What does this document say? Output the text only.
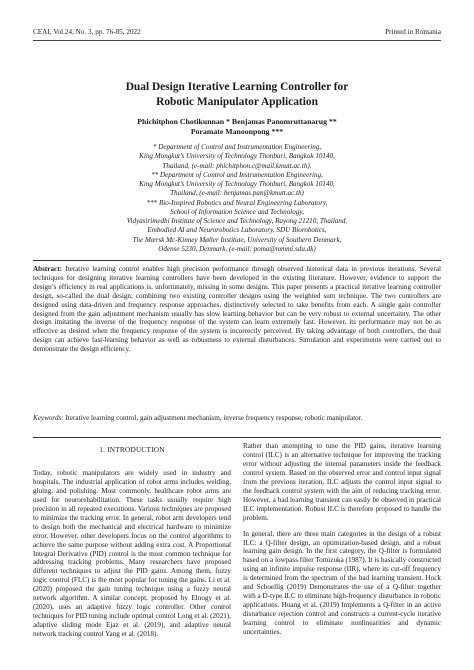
CEAI, Vol.24, No. 3, pp. 76-85, 2022	Printed in Romania
Dual Design Iterative Learning Controller for
Robotic Manipulator Application

Phichitphon Chotikunnan * Benjamas Panomruttanarug **
Poramate Manoonpong ***

* Department of Control and Instrumentation Engineering,
King Mongkut’s University of Technology Thonburi, Bangkok 10140,
Thailand, (e-mail: phichitphon.c@mail.kmutt.ac.th).
** Department of Control and Instrumentation Engineering,
King Mongkut’s University of Technology Thonburi, Bangkok 10140,
Thailand, (e-mail: benjamas.pan@kmutt.ac.th)
*** Bio-Inspired Robotics and Neural Engineering Laboratory,
School of Information Science and Technology,
Vidyasirimedhi Institute of Science and Technology, Rayong 21210, Thailand.
Embodied AI and Neurorobotics Laboratory, SDU Biorobotics,
The Mærsk Mc-Kinney Møller Institute, University of Southern Denmark,
Odense 5230, Denmark, (e-mail: poma@mmmi.sdu.dk)

Abstract: Iterative learning control enables high precision performance through observed historical data in previous iterations. Several techniques for designing iterative learning controllers have been developed in the existing literature. However, evidence to support the design’s efficiency in real applications is, unfortunately, missing in some designs. This paper presents a practical iterative learning controller design, so-called the dual design, combining two existing controller designs using the weighted sum technique. The two controllers are designed using data-driven and frequency response approaches, distinctively selected to take benefits from each. A single gain controller designed from the gain adjustment mechanism usually has slow learning behavior but can be very robust to external uncertainty. The other design imitating the inverse of the frequency response of the system can learn extremely fast. However, its performance may not be as effective as desired when the frequency response of the system is incorrectly perceived. By taking advantage of both controllers, the dual design can achieve fast-learning behavior as well as robustness to external disturbances. Simulation and experiments were carried out to demonstrate the design efficiency.

Keywords: Iterative learning control, gain adjustment mechanism, inverse frequency response, robotic manipulator.

1. INTRODUCTION

Today, robotic manipulators are widely used in industry and hospitals. The industrial application of robot arms includes welding, gluing, and polishing. Most commonly, healthcare robot arms are used for neurorehabilitation. These tasks usually require high precision in all repeated executions. Various techniques are proposed to minimize the tracking error. In general, robot arm developers tend to design both the mechanical and electrical hardware to minimize error. However, other developers focus on the control algorithms to achieve the same purpose without adding extra cost. A Proportional Integral Derivative (PID) control is the most common technique for addressing tracking problems. Many researchers have proposed different techniques to adjust the PID gains. Among them, fuzzy logic control (FLC) is the most popular for tuning the gains. Li et al. (2020) proposed the gain tuning technique using a fuzzy neural network algorithm. A similar concept, proposed by Elnogy et al. (2020), uses an adaptive fuzzy logic controller. Other control techniques for PID tuning include optimal control Long et al. (2021), adaptive sliding mode Ejaz et al. (2019), and adaptive neural network tracking control Yang et al. (2018).

Rather than attempting to tune the PID gains, iterative learning control (ILC) is an alternative technique for improving the tracking error without adjusting the internal parameters inside the feedback control system. Based on the observed error and control input signal from the previous iteration, ILC adjusts the control input signal to the feedback control system with the aim of reducing tracking error. However, a bad learning transient can easily be observed in practical ILC implementation. Robust ILC is therefore proposed to handle the problem.

In general, there are three main categories in the design of a robust ILC: a Q-filter design, an optimization-based design, and a robust learning gain design. In the first category, the Q-filter is formulated based on a lowpass filter Tomizuka (1987). It is basically constructed using an infinite impulse response (IIR), where its cut-off frequency is determined from the spectrum of the bad learning transient. Hock and Schoellig (2019) Demonstrates the use of a Q-filter together with a D-type ILC to eliminate high-frequency disturbance in robotic applications. Huang et al. (2019) Implements a Q-filter in an active disturbance rejection control and constructs a current-cycle iterative learning control to eliminate nonlinearities and dynamic uncertainties.
